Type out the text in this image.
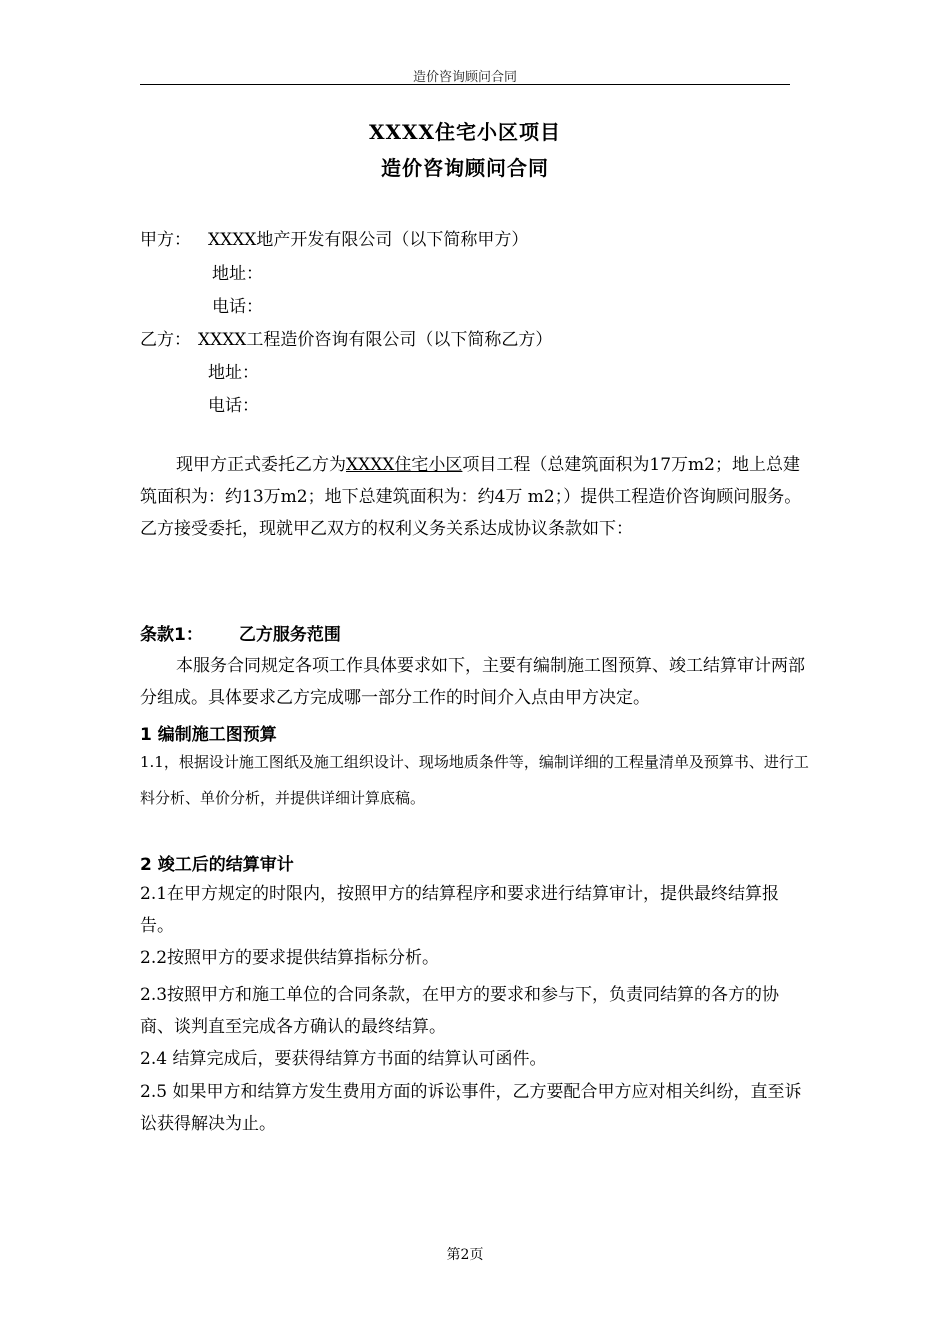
造价咨询顾问合同
XXXX住宅小区项目
造价咨询顾问合同
甲方： XXXX地产开发有限公司（以下简称甲方）
地址：
电话：
乙方： XXXX工程造价咨询有限公司（以下简称乙方）
地址：
电话：
现甲方正式委托乙方为XXXX住宅小区项目工程（总建筑面积为17万m2；地上总建筑面积为：约13万m2；地下总建筑面积为：约4万 m2；）提供工程造价咨询顾问服务。乙方接受委托，现就甲乙双方的权利义务关系达成协议条款如下：
条款1： 乙方服务范围
本服务合同规定各项工作具体要求如下，主要有编制施工图预算、竣工结算审计两部分组成。具体要求乙方完成哪一部分工作的时间介入点由甲方决定。
1 编制施工图预算
1.1，根据设计施工图纸及施工组织设计、现场地质条件等，编制详细的工程量清单及预算书、进行工料分析、单价分析，并提供详细计算底稿。
2 竣工后的结算审计
2.1在甲方规定的时限内，按照甲方的结算程序和要求进行结算审计，提供最终结算报告。
2.2按照甲方的要求提供结算指标分析。
2.3按照甲方和施工单位的合同条款，在甲方的要求和参与下，负责同结算的各方的协商、谈判直至完成各方确认的最终结算。
2.4 结算完成后，要获得结算方书面的结算认可函件。
2.5 如果甲方和结算方发生费用方面的诉讼事件，乙方要配合甲方应对相关纠纷，直至诉讼获得解决为止。
第2页
